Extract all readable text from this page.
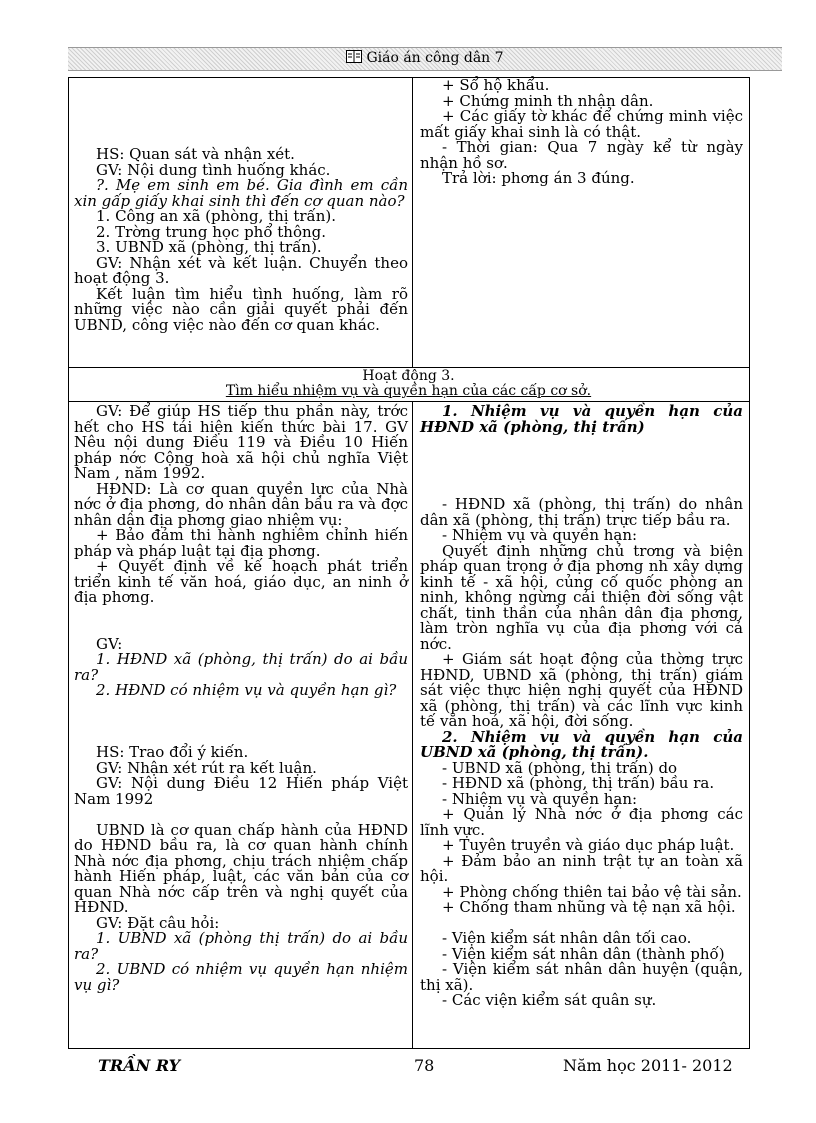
Giáo án công dân 7

HS: Quan sát và nhận xét.

GV: Nội dung tình huống khác.

?. Mẹ em sinh em bé. Gia đình em cần xin gấp giấy khai sinh thì đến cơ quan nào?

1. Công an xã (phòng, thị trấn).

2. Trờng trung học phổ thông.

3. UBND xã (phòng, thị trấn).

GV: Nhận xét và kết luận. Chuyển theo hoạt động 3.

Kết luận tìm hiểu tình huống, làm rõ những việc nào cần giải quyết phải đến UBND, công việc nào đến cơ quan khác.

+ Sổ hộ khẩu.

+ Chứng minh th nhận dân.

+ Các giấy tờ khác để chứng minh việc mất giấy khai sinh là có thật.

- Thời gian: Qua 7 ngày kể từ ngày nhận hồ sơ.

Trả lời: phơng án 3 đúng.

Hoạt động 3.
Tìm hiểu nhiệm vụ và quyền hạn của các cấp cơ sở.

GV: Để giúp HS tiếp thu phần này, trớc hết cho HS tái hiện kiến thức bài 17. GV Nêu nội dung Điều 119 và Điều 10 Hiến pháp nớc Cộng hoà xã hội chủ nghĩa Việt Nam , năm 1992.

HĐND: Là cơ quan quyền lực của Nhà nớc ở địa phơng, do nhân dân bầu ra và đợc nhân dân địa phơng giao nhiệm vụ:

+ Bảo đảm thi hành nghiêm chỉnh hiến pháp và pháp luật tại địa phơng.

+ Quyết định về kế hoạch phát triển triển kinh tế văn hoá, giáo dục, an ninh ở địa phơng.

GV:

1. HĐND xã (phòng, thị trấn) do ai bầu ra?

2. HĐND có nhiệm vụ và quyền hạn gì?

HS: Trao đổi ý kiến.

GV: Nhận xét rút ra kết luận.

GV: Nội dung Điều 12 Hiến pháp Việt Nam 1992

UBND là cơ quan chấp hành của HĐND do HĐND bầu ra, là cơ quan hành chính Nhà nớc địa phơng, chịu trách nhiệm chấp hành Hiến pháp, luật, các văn bản của cơ quan Nhà nớc cấp trên và nghị quyết của HĐND.

GV: Đặt câu hỏi:

1. UBND xã (phòng thị trấn) do ai bầu ra?

2. UBND có nhiệm vụ quyền hạn nhiệm vụ gì?

1. Nhiệm vụ và quyền hạn của HĐND xã (phòng, thị trấn)

- HĐND xã (phòng, thị trấn) do nhân dân xã (phòng, thị trấn) trực tiếp bầu ra.

- Nhiệm vụ và quyền hạn:

Quyết định những chủ trơng và biện pháp quan trọng ở địa phơng nh xây dựng kinh tế - xã hội, củng cố quốc phòng an ninh, không ngừng cải thiện đời sống vật chất, tinh thần của nhân dân địa phơng, làm tròn nghĩa vụ của địa phơng với cả nớc.

+ Giám sát hoạt động của thờng trực HĐND, UBND xã (phòng, thị trấn) giám sát việc thực hiện nghị quyết của HĐND xã (phòng, thị trấn) và các lĩnh vực kinh tế văn hoá, xã hội, đời sống.

2. Nhiệm vụ và quyền hạn của UBND xã (phòng, thị trấn).

- UBND xã (phòng, thị trấn) do

- HĐND xã (phòng, thị trấn) bầu ra.

- Nhiệm vụ và quyền hạn:

+ Quản lý Nhà nớc ở địa phơng các lĩnh vực.

+ Tuyên truyền và giáo dục pháp luật.

+ Đảm bảo an ninh trật tự an toàn xã hội.

+ Phòng chống thiên tai bảo vệ tài sản.

+ Chống tham nhũng và tệ nạn xã hội.

- Viện kiểm sát nhân dân tối cao.

- Viện kiểm sát nhân dân (thành phố)

- Viện kiểm sát nhân dân huyện (quận, thị xã).

- Các viện kiểm sát quân sự.

TRẦN RY	78	Năm học 2011- 2012
